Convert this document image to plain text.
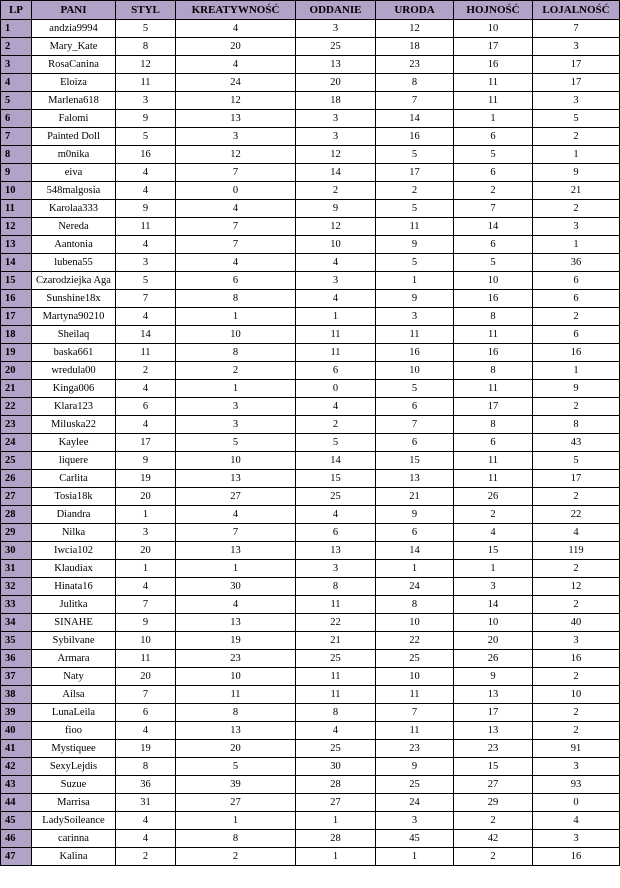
LP	PANI	STYL	KREATYWNOŚĆ	ODDANIE	URODA	HOJNOŚĆ	LOJALNOŚĆ
1	andzia9994	5	4	3	12	10	7
2	Mary_Kate	8	20	25	18	17	3
3	RosaCanina	12	4	13	23	16	17
4	Eloiza	11	24	20	8	11	17
5	Marlena618	3	12	18	7	11	3
6	Falomi	9	13	3	14	1	5
7	Painted Doll	5	3	3	16	6	2
8	m0nika	16	12	12	5	5	1
9	eiva	4	7	14	17	6	9
10	548malgosia	4	0	2	2	2	21
11	Karolaa333	9	4	9	5	7	2
12	Nereda	11	7	12	11	14	3
13	Aantonia	4	7	10	9	6	1
14	lubena55	3	4	4	5	5	36
15	Czarodziejka Aga	5	6	3	1	10	6
16	Sunshine18x	7	8	4	9	16	6
17	Martyna90210	4	1	1	3	8	2
18	Sheilaq	14	10	11	11	11	6
19	baska661	11	8	11	16	16	16
20	wredula00	2	2	6	10	8	1
21	Kinga006	4	1	0	5	11	9
22	Klara123	6	3	4	6	17	2
23	Miluska22	4	3	2	7	8	8
24	Kaylee	17	5	5	6	6	43
25	liquere	9	10	14	15	11	5
26	Carlita	19	13	15	13	11	17
27	Tosia18k	20	27	25	21	26	2
28	Diandra	1	4	4	9	2	22
29	Nilka	3	7	6	6	4	4
30	Iwcia102	20	13	13	14	15	119
31	Klaudiax	1	1	3	1	1	2
32	Hinata16	4	30	8	24	3	12
33	Julitka	7	4	11	8	14	2
34	SINAHE	9	13	22	10	10	40
35	Sybilvane	10	19	21	22	20	3
36	Armara	11	23	25	25	26	16
37	Naty	20	10	11	10	9	2
38	Ailsa	7	11	11	11	13	10
39	LunaLeila	6	8	8	7	17	2
40	fioo	4	13	4	11	13	2
41	Mystiquee	19	20	25	23	23	91
42	SexyLejdis	8	5	30	9	15	3
43	Suzue	36	39	28	25	27	93
44	Marrisa	31	27	27	24	29	0
45	LadySoileance	4	1	1	3	2	4
46	carinna	4	8	28	45	42	3
47	Kalina	2	2	1	1	2	16
